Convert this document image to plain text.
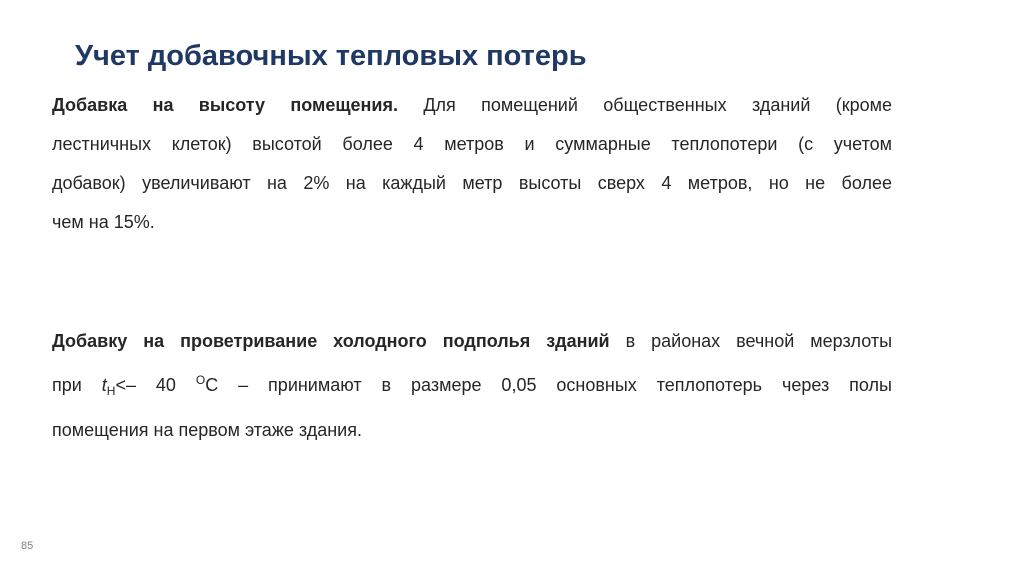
Учет добавочных тепловых потерь
Добавка на высоту помещения. Для помещений общественных зданий (кроме
лестничных клеток) высотой более 4 метров и суммарные теплопотери (с учетом
добавок) увеличивают на 2% на каждый метр высоты сверх 4 метров, но не более
чем на 15%.
Добавку на проветривание холодного подполья зданий в районах вечной мерзлоты
при $t_Н<-$ 40 $^O$С – принимают в размере 0,05 основных теплопотерь через полы
помещения на первом этаже здания.
85
